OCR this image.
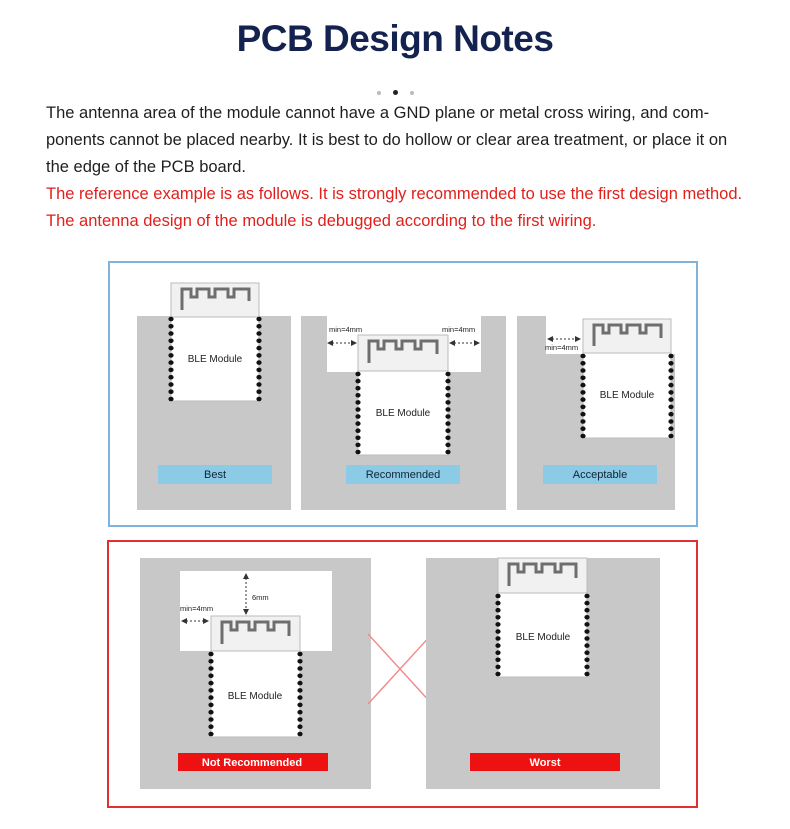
PCB Design Notes
The antenna area of the module cannot have a GND plane or metal cross wiring, and com- ponents cannot be placed nearby. It is best to do hollow or clear area treatment, or place it on the edge of the PCB board.
The reference example is as follows. It is strongly recommended to use the first design method. The antenna design of the module is debugged according to the first wiring.
BLE Module
Best
BLE Module
min=4mm	min=4mm
Recommended
BLE Module
min=4mm
Acceptable
BLE Module
6mm
min=4mm
Not Recommended
BLE Module
Worst
